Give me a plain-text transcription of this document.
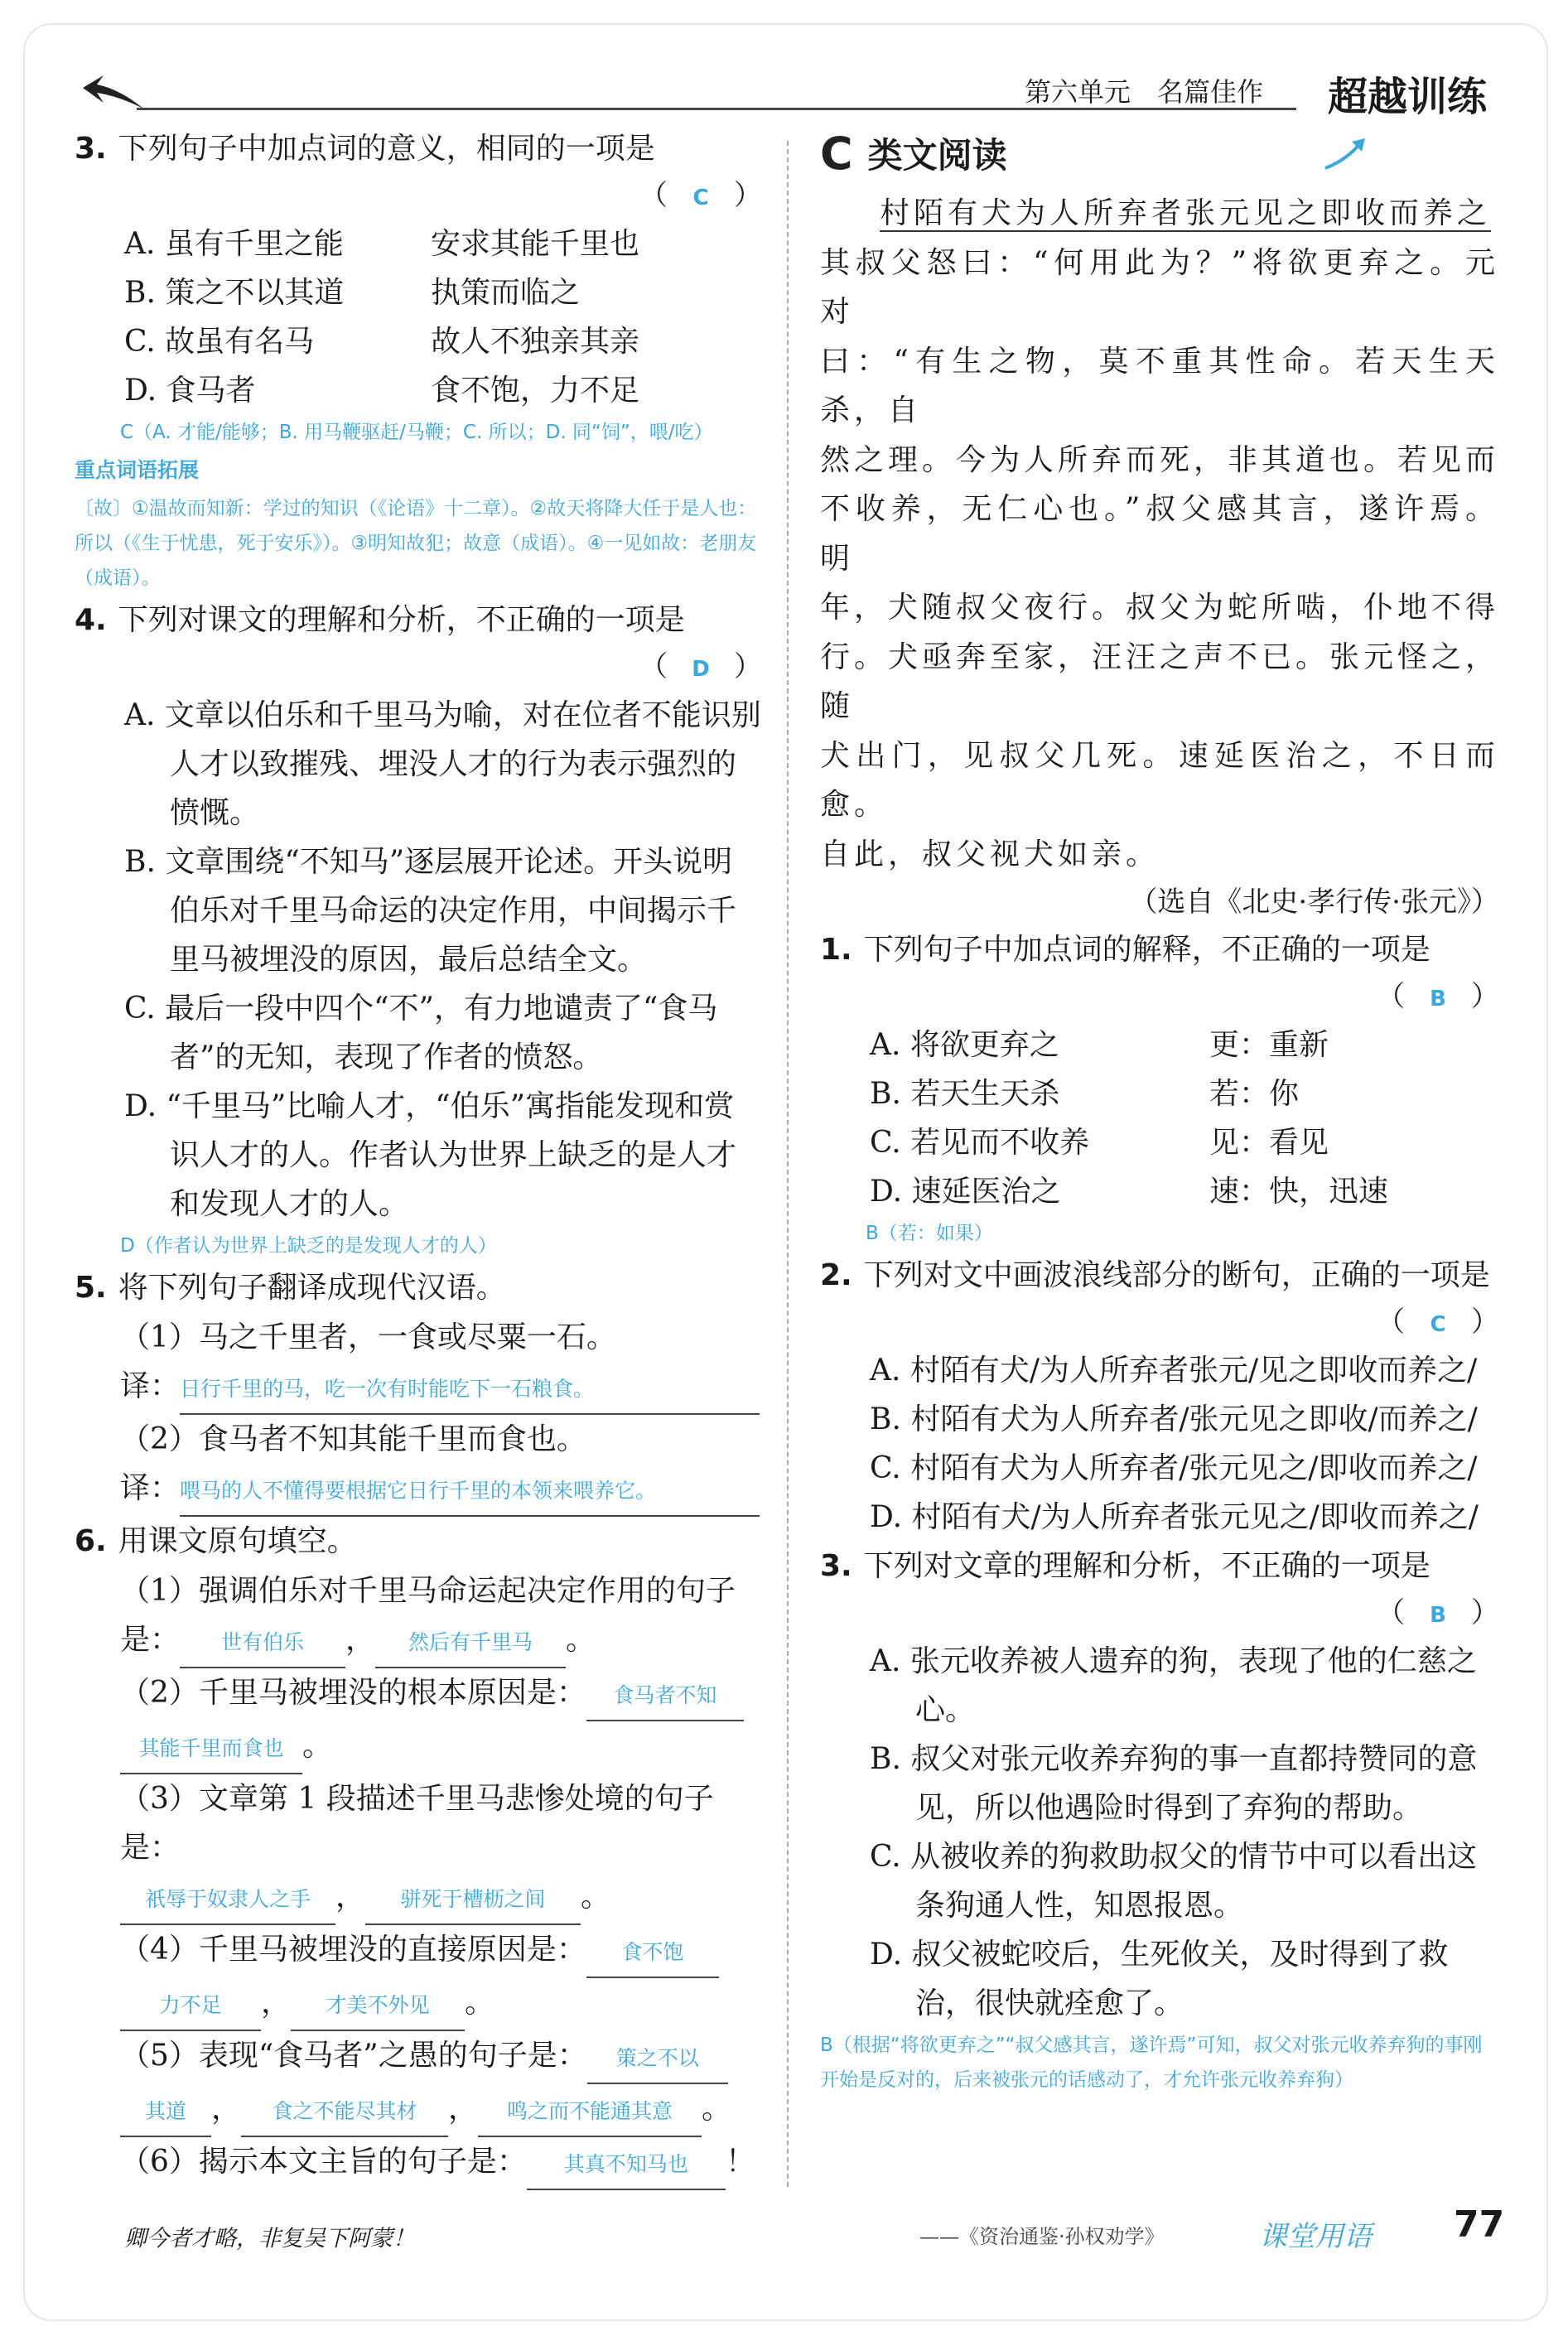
第六单元　名篇佳作 超越训练

3. 下列句子中加点词的意义，相同的一项是

（ C ）
A. 虽有千里之能	安求其能千里也
B. 策之不以其道	执策而临之
C. 故虽有名马	故人不独亲其亲
D. 食马者	食不饱，力不足
C（A. 才能/能够；B. 用马鞭驱赶/马鞭；C. 所以；D. 同“饲”，喂/吃）
重点词语拓展
〔故〕①温故而知新：学过的知识（《论语》十二章）。②故天将降大任于是人也：所以（《生于忧患，死于安乐》）。③明知故犯；故意（成语）。④一见如故：老朋友（成语）。

4. 下列对课文的理解和分析，不正确的一项是

（ D ）
A. 文章以伯乐和千里马为喻，对在位者不能识别人才以致摧残、埋没人才的行为表示强烈的愤慨。
B. 文章围绕“不知马”逐层展开论述。开头说明伯乐对千里马命运的决定作用，中间揭示千里马被埋没的原因，最后总结全文。
C. 最后一段中四个“不”，有力地谴责了“食马者”的无知，表现了作者的愤怒。
D. “千里马”比喻人才，“伯乐”寓指能发现和赏识人才的人。作者认为世界上缺乏的是人才和发现人才的人。
D（作者认为世界上缺乏的是发现人才的人）

5. 将下列句子翻译成现代汉语。

（1）马之千里者，一食或尽粟一石。
译：日行千里的马，吃一次有时能吃下一石粮食。
（2）食马者不知其能千里而食也。
译：喂马的人不懂得要根据它日行千里的本领来喂养它。

6. 用课文原句填空。

（1）强调伯乐对千里马命运起决定作用的句子是： 世有伯乐 ， 然后有千里马 。
（2）千里马被埋没的根本原因是： 食马者不知
其能千里而食也 。
（3）文章第 1 段描述千里马悲惨处境的句子是：
祇辱于奴隶人之手 ， 骈死于槽枥之间 。
（4）千里马被埋没的直接原因是： 食不饱
力不足 ， 才美不外见 。
（5）表现“食马者”之愚的句子是： 策之不以
其道 ， 食之不能尽其材 ， 鸣之而不能通其意 。
（6）揭示本文主旨的句子是： 其真不知马也 ！
C 类文阅读
村陌有犬为人所弃者张元见之即收而养之
其叔父怒曰：“何用此为？”将欲更弃之。元对
曰：“有生之物，莫不重其性命。若天生天杀，自
然之理。今为人所弃而死，非其道也。若见而
不收养，无仁心也。”叔父感其言，遂许焉。明
年，犬随叔父夜行。叔父为蛇所啮，仆地不得
行。犬亟奔至家，汪汪之声不已。张元怪之，随
犬出门，见叔父几死。速延医治之，不日而愈。
自此，叔父视犬如亲。
（选自《北史·孝行传·张元》）

1. 下列句子中加点词的解释，不正确的一项是

（ B ）
A. 将欲更弃之	更：重新
B. 若天生天杀	若：你
C. 若见而不收养	见：看见
D. 速延医治之	速：快，迅速
B（若：如果）

2. 下列对文中画波浪线部分的断句，正确的一项是

（ C ）
A. 村陌有犬/为人所弃者张元/见之即收而养之/
B. 村陌有犬为人所弃者/张元见之即收/而养之/
C. 村陌有犬为人所弃者/张元见之/即收而养之/
D. 村陌有犬/为人所弃者张元见之/即收而养之/

3. 下列对文章的理解和分析，不正确的一项是

（ B ）
A. 张元收养被人遗弃的狗，表现了他的仁慈之心。
B. 叔父对张元收养弃狗的事一直都持赞同的意见，所以他遇险时得到了弃狗的帮助。
C. 从被收养的狗救助叔父的情节中可以看出这条狗通人性，知恩报恩。
D. 叔父被蛇咬后，生死攸关，及时得到了救治，很快就痊愈了。
B（根据“将欲更弃之”“叔父感其言，遂许焉”可知，叔父对张元收养弃狗的事刚开始是反对的，后来被张元的话感动了，才允许张元收养弃狗）
卿今者才略，非复吴下阿蒙！	——《资治通鉴·孙权劝学》	课堂用语 77
